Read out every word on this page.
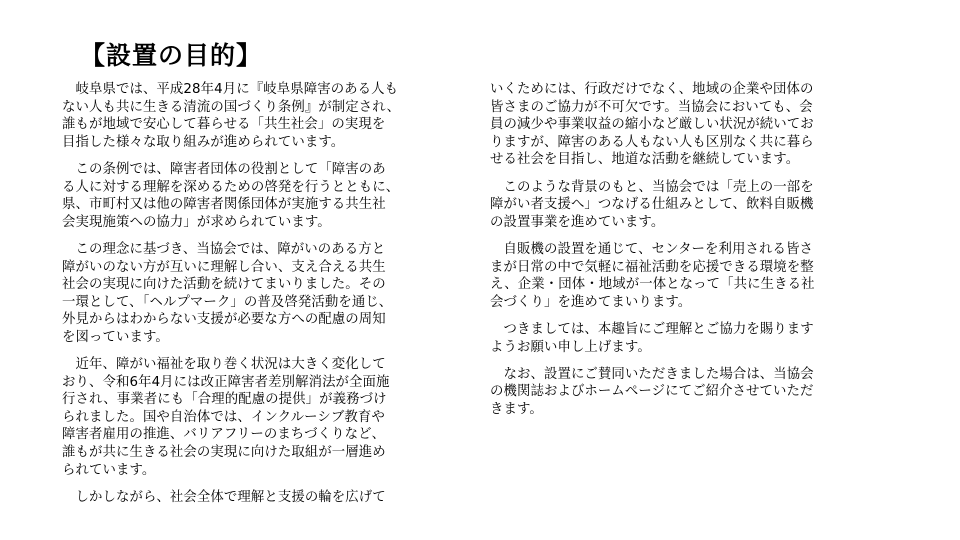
【設置の目的】

　岐阜県では、平成28年4月に『岐阜県障害のある人も

ない人も共に生きる清流の国づくり条例』が制定され、

誰もが地域で安心して暮らせる「共生社会」の実現を

目指した様々な取り組みが進められています。

　この条例では、障害者団体の役割として「障害のあ

る人に対する理解を深めるための啓発を行うとともに、

県、市町村又は他の障害者関係団体が実施する共生社

会実現施策への協力」が求められています。

　この理念に基づき、当協会では、障がいのある方と

障がいのない方が互いに理解し合い、支え合える共生

社会の実現に向けた活動を続けてまいりました。その

一環として、「ヘルプマーク」の普及啓発活動を通じ、

外見からはわからない支援が必要な方への配慮の周知

を図っています。

　近年、障がい福祉を取り巻く状況は大きく変化して

おり、令和6年4月には改正障害者差別解消法が全面施

行され、事業者にも「合理的配慮の提供」が義務づけ

られました。国や自治体では、インクルーシブ教育や

障害者雇用の推進、バリアフリーのまちづくりなど、

誰もが共に生きる社会の実現に向けた取組が一層進め

られています。

　しかしながら、社会全体で理解と支援の輪を広げて

いくためには、行政だけでなく、地域の企業や団体の

皆さまのご協力が不可欠です。当協会においても、会

員の減少や事業収益の縮小など厳しい状況が続いてお

りますが、障害のある人もない人も区別なく共に暮ら

せる社会を目指し、地道な活動を継続しています。

　このような背景のもと、当協会では「売上の一部を

障がい者支援へ」つなげる仕組みとして、飲料自販機

の設置事業を進めています。

　自販機の設置を通じて、センターを利用される皆さ

まが日常の中で気軽に福祉活動を応援できる環境を整

え、企業・団体・地域が一体となって「共に生きる社

会づくり」を進めてまいります。

　つきましては、本趣旨にご理解とご協力を賜ります

ようお願い申し上げます。

　なお、設置にご賛同いただきました場合は、当協会

の機関誌およびホームページにてご紹介させていただ

きます。
